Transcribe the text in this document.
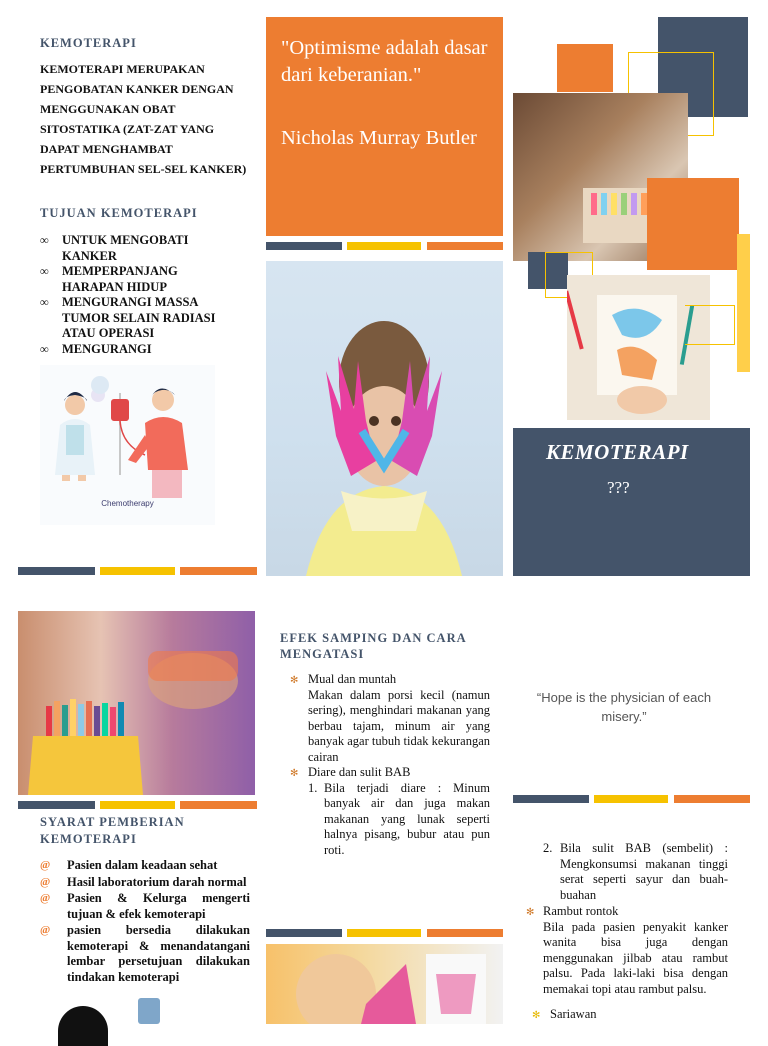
KEMOTERAPI
KEMOTERAPI MERUPAKAN PENGOBATAN KANKER DENGAN MENGGUNAKAN OBAT SITOSTATIKA (ZAT-ZAT YANG DAPAT MENGHAMBAT PERTUMBUHAN SEL-SEL KANKER)
TUJUAN KEMOTERAPI
∞ UNTUK MENGOBATI KANKER
∞ MEMPERPANJANG HARAPAN HIDUP
∞ MENGURANGI MASSA TUMOR SELAIN RADIASI ATAU OPERASI
∞ MENGURANGI
Chemotherapy
"Optimisme adalah dasar dari keberanian."
Nicholas Murray Butler
KEMOTERAPI
???
SYARAT PEMBERIAN KEMOTERAPI
@ Pasien dalam keadaan sehat
@ Hasil laboratorium darah normal
@ Pasien & Kelurga mengerti tujuan & efek kemoterapi
@ pasien bersedia dilakukan kemoterapi & menandatangani lembar persetujuan dilakukan tindakan kemoterapi
EFEK SAMPING DAN CARA MENGATASI
✻ Mual dan muntah
Makan dalam porsi kecil (namun sering), menghindari makanan yang berbau tajam, minum air yang banyak agar tubuh tidak kekurangan cairan
✻ Diare dan sulit BAB
1. Bila terjadi diare : Minum banyak air dan juga makan makanan yang lunak seperti halnya pisang, bubur atau pun roti.
“Hope is the physician of each misery.”
2. Bila sulit BAB (sembelit) : Mengkonsumsi makanan tinggi serat seperti sayur dan buah-buahan
✻ Rambut rontok
Bila pada pasien penyakit kanker wanita bisa juga dengan menggunakan jilbab atau rambut palsu. Pada laki-laki bisa dengan memakai topi atau rambut palsu.
✻ Sariawan
